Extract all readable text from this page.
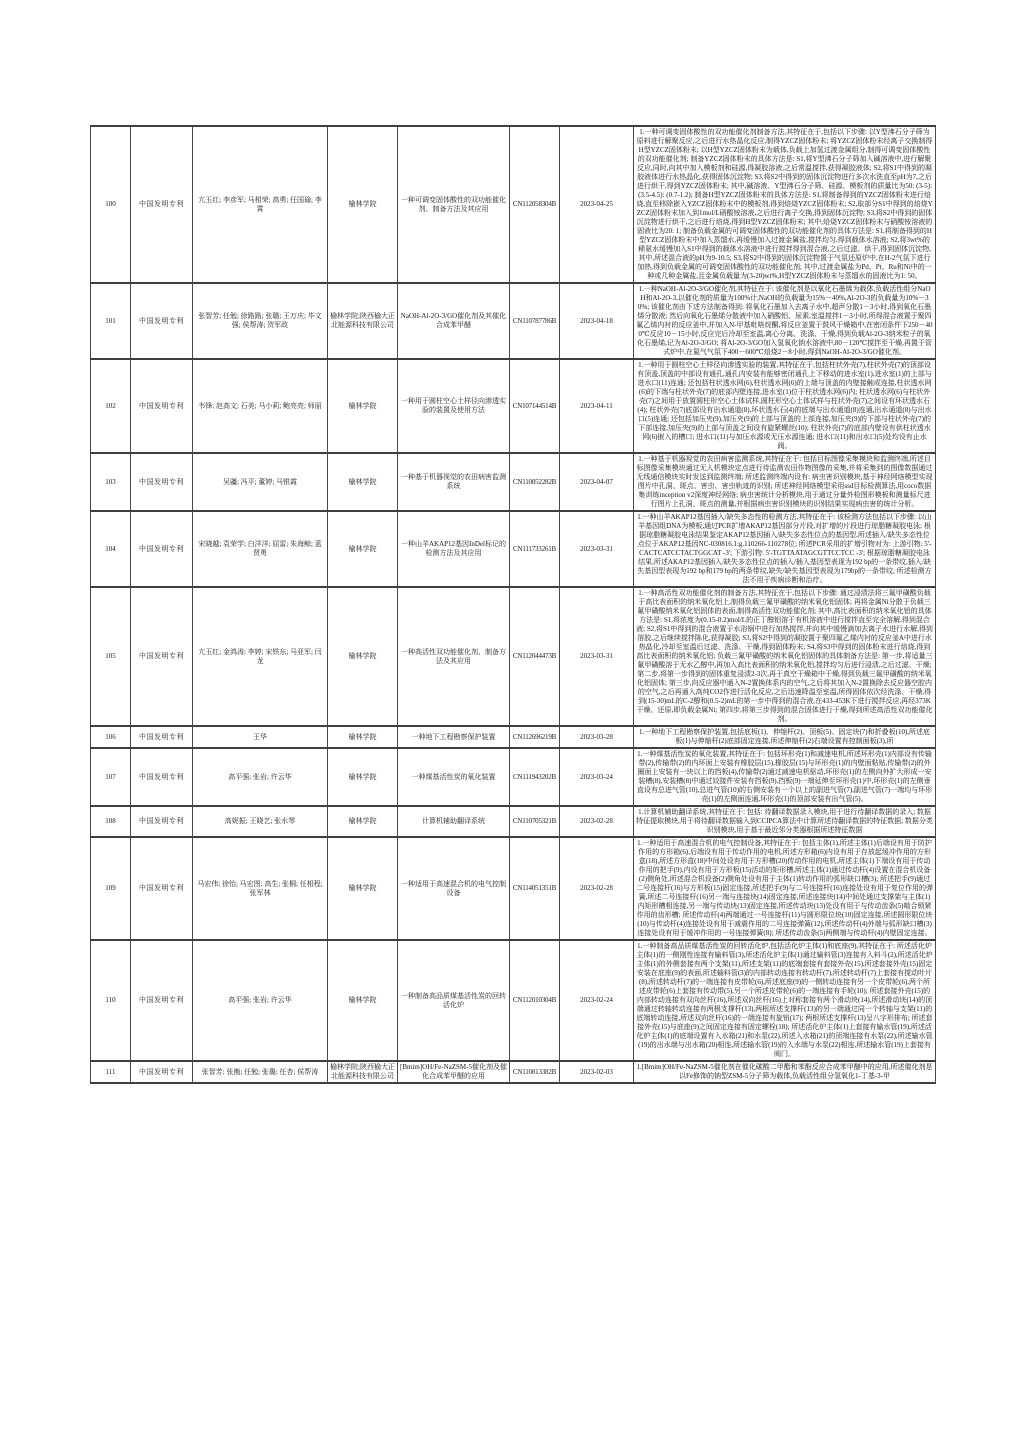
100	中国发明专利	亢玉红; 李彦军; 马相荣; 高勇; 任国瑜; 李霄	榆林学院	一种可调变固体酸性的双功能催化剂、制备方法及其应用	CN112058304B	2023-04-25	1.一种可调变固体酸性的双功能催化剂制备方法,其特征在于,包括以下步骤: 以Y型沸石分子筛为原料进行解聚反应,之后进行水热晶化反应,制得YZCZ固体粉末; 将YZCZ固体粉末经离子交换制得H型YZCZ固体粉末; 以H型YZCZ固体粉末为载体,负载上加氢过渡金属组分,制得可调变固体酸性的双功能催化剂; 制备YZCZ固体粉末的具体方法是: S1,将Y型沸石分子筛加入碱溶液中,进行解聚反应,同时,向其中加入模板剂和硅源,得凝胶溶液,之后常温搅拌,获得凝胶液体; S2,将S1中得到的凝胶液体进行水热晶化,获得固体沉淀物; S3,将S2中得到的固体沉淀物进行多次水洗直至pH为7,之后进行烘干,得到YZCZ固体粉末; 其中,碱溶液、Y型沸石分子筛、硅源、模板剂的质量比为50: (3-5): (3.5-4.5): (0.7-1.2); 制备H型YZCZ固体粉末的具体方法是: S1,将制备得到的YZCZ固体粉末进行焙烧,直至移除嵌入YZCZ固体粉末中的模板剂,得到焙烧YZCZ固体粉末; S2,取部分S1中得到的焙烧YZCZ固体粉末加入到1mol/L硝酸铵溶液,之后进行离子交换,得到固体沉淀物; S3,将S2中得到的固体沉淀物进行烘干,之后进行焙烧,得到H型YZCZ固体粉末; 其中,焙烧YZCZ固体粉末与硝酸铵溶液的固液比为20: 1; 制备负载金属的可调变固体酸性的双功能催化剂的具体方法是: S1,将制备得到的H型YZCZ固体粉末中加入蒸馏水,再缓慢加入过渡金属盐,搅拌均匀,得到载体水溶液; S2,将3wt%的稀氨水缓慢加入S1中得到的载体水溶液中进行搅拌得到混合液,之后过滤、烘干,得到固体沉淀物,其中,所述混合液的pH为9-10.5; S3,将S2中得到的固体沉淀物置于气氛还原炉中,在H-2气氛下进行加热,得到负载金属的可调变固体酸性的双功能催化剂; 其中,过渡金属盐为Pd、Pt、Ru和Ni中的一种或几种金属盐,且金属负载量为(3-20)wt%,H型YZCZ固体粉末与蒸馏水的固液比为1: 50。
101	中国发明专利	张智芳; 任勉; 徐路路; 张璐; 王万庆; 毕文强; 侯帮涛; 贺军政	榆林学院;陕西榆大正北能源科技有限公司	NaOH-Al-2O-3/GO催化剂及其催化合成苯甲醚	CN110787786B	2023-04-18	1.一种NaOH-Al-2O-3/GO催化剂,其特征在于: 该催化剂是以氧化石墨烯为载体,负载活性组分NaOH和Al-2O-3,以催化剂的质量为100%计,NaOH的负载量为15%－40%,Al-2O-3的负载量为10%－30%; 该催化剂由下述方法制备得到: 将氧化石墨加入去离子水中,超声分散1－3小时,得到氧化石墨烯分散液; 然后向氧化石墨烯分散液中加入硝酸铝、尿素,室温搅拌1－3小时,所得混合液置于聚四氟乙烯内衬的反应釜中,并加入N-甲基吡咯烷酮,将反应釜置于鼓风干燥箱中,在密闭条件下250－400℃反应10－15小时,反应完后冷却至室温,离心分离、洗涤、干燥,得到负载Al-2O-3纳米粒子的氧化石墨烯,记为Al-2O-3/GO; 将Al-2O-3/GO加入氢氧化钠水溶液中,80－120℃搅拌至干燥,再置于管式炉中,在氮气气氛下400－600℃焙烧2－8小时,得到NaOH-Al-2O-3/GO催化剂。
102	中国发明专利	韦锋; 赵高文; 石美; 马小莉; 鲍亮亮; 师丽	榆林学院	一种用于圆柱空心土样径向渗透实验的装置及使用方法	CN107144514B	2023-04-11	1.一种用于圆柱空心土样径向渗透实验的装置,其特征在于,包括柱状外壳(7),柱状外壳(7)的顶部设有顶盖,顶盖的中部设有通孔,通孔内安装有能够密闭通孔上下移动的进水室(1),进水室(1)的上部与进水口(11)连通; 还包括柱状透水网(6),柱状透水网(6)的上端与顶盖的内壁接触或连接,柱状透水网(6)的下端与柱状外壳(7)的底部内壁连接,进水室(1)位于柱状透水网(6)内; 柱状透水网(6)与柱状外壳(7)之间用于放置圆柱形空心土体试样,圆柱形空心土体试样与柱状外壳(7)之间设有环状透水石(4); 柱状外壳(7)底部设有出水通道(8),环状透水石(4)的底端与出水通道(8)连通,出水通道(8)与出水口(5)连通; 还包括加压夹(9),加压夹(9)的上部与顶盖的上部连接,加压夹(9)的下部与柱状外壳(7)的下部连接,加压夹(9)的上部与顶盖之间设有旋紧螺丝(10); 柱状外壳(7)的底部内壁设有供柱状透水网(6)嵌入的槽口; 进水口(11)与加压水源或无压水源连通; 进水口(11)和出水口(5)处均设有止水阀。
103	中国发明专利	吴疆; 冯平; 董婷; 马银霞	榆林学院	一种基于机器视觉的农田病害监测系统	CN110852282B	2023-04-07	1.一种基于机器视觉的农田病害监测系统,其特征在于: 包括目标图像采集模块和监测终端,所述目标图像采集模块通过无人机模块定点进行待监测农田作物图像的采集,并将采集到的图像数据通过无线通信模块实时发送到监测终端; 所述监测终端内设有: 病虫害识别模块,基于神经网络模型实现图片中孔洞、斑点、害虫、害虫轨迹的识别; 所述神经网络模型采用ssd目标检测算法,用coco数据集训练inception v2深度神经网络; 病虫害统计分析模块,用于通过分量外检图形模板和测量标尺进行图片上孔洞、斑点的测量,并根据病虫害识别模块的识别结果实现病虫害的统计分析。
104	中国发明专利	宋晓越; 袁荣学; 白洋洋; 屈雷; 朱海鲸; 蓝贤勇	榆林学院	一种山羊AKAP12基因InDel标记的检测方法及其应用	CN111733261B	2023-03-31	1.一种山羊AKAP12基因插入/缺失多态性的检测方法,其特征在于: 该检测方法包括以下步骤: 以山羊基因组DNA为模板,通过PCR扩增AKAP12基因部分片段,对扩增的片段进行琼脂糖凝胶电泳; 根据琼脂糖凝胶电泳结果鉴定AKAP12基因插入/缺失多态性位点的基因型,所述插入/缺失多态性位点位于AKAP12基因NC-030816.1:g.110266-110278位; 所述PCR采用的扩增引物对为: 上游引物: 5'-CACTCATCCTACTGGCAT -3'; 下游引物: 5'-TGTTAATAGCGTTCCTCC -3'; 根据琼脂糖凝胶电泳结果,所述AKAP12基因插入/缺失多态性位点的插入/插入基因型表现为192 bp的一条带纹,插入/缺失基因型表现为192 bp和179 bp的两条带纹,缺失/缺失基因型表现为179bp的一条带纹; 所述检测方法不用于疾病诊断和治疗。
105	中国发明专利	亢玉红; 金鸿涛; 李婷; 宋铁东; 马亚军; 闫龙	榆林学院	一种高活性双功能催化剂、制备方法及其应用	CN112044473B	2023-03-31	1.一种高活性双功能催化剂的制备方法,其特征在于,包括以下步骤: 通过浸渍法将三氟甲磺酸负载于高比表面积的纳米氧化铝上,制得负载三氟甲磺酸的纳米氧化铝固体; 再将金属Ni分散于负载三氟甲磺酸纳米氧化铝固体的表面,制得高活性双功能催化剂; 其中,高比表面积的纳米氧化铝的具体方法是: S1,将浓度为(0.15-0.2)mol/L的正丁醇铝溶于有机溶液中进行搅拌直至完全溶解,得到混合液; S2,将S1中得到的混合液置于水浴锅中进行加热搅拌,并向其中缓慢滴加去离子水进行水解,得到溶胶,之后继续搅拌陈化,获得凝胶; S3,将S2中得到的凝胶置于聚四氟乙烯内衬的反应釜A中进行水热晶化,冷却至室温后过滤、洗涤、干燥,得到固体粉末; S4,将S3中得到的固体粉末进行焙烧,得到高比表面积的纳米氧化铝; 负载三氟甲磺酸的纳米氧化铝固体的具体制备方法是: 第一步,将适量三氟甲磺酸溶于无水乙醇中,再加入高比表面积的纳米氧化铝,搅拌均匀后进行浸渍,之后过滤、干燥; 第二步,将第一步得到的固体重复浸渍2-3次,再于真空干燥箱中干燥,得到负载三氟甲磺酸的纳米氧化铝固体; 第三步,向反应器中通入N-2置换体系内的空气,之后将其加入N-2置换除去反应器空腔内的空气,之后再通入高纯CO2作进行活化反应,之后迅速降温至室温,所得固体依次经洗涤、干燥,得到(15-30)mL的C-2醇和(0.5-2)mL的第一步中得到的混合液,在433-453K下进行搅拌反应,再经373K干燥、还原,即负载金属Ni; 第四步,将第三步得到的混合固体进行干燥,得到所述高活性双功能催化剂。
106	中国发明专利	王华	榆林学院	一种地下工程勘察保护装置	CN112696219B	2023-03-28	1.一种地下工程勘察保护装置,包括底板(1)、伸缩杆(2)、顶板(5)、固定块(7)和折叠板(10),所述底板(1)与伸缩杆(2)底部固定连接,所述伸缩杆(2)右端设置有控制面板(3),所
107	中国发明专利	高平强; 张岩; 许云华	榆林学院	一种煤基活性炭的氧化装置	CN111943202B	2023-03-24	1.一种煤基活性炭的氧化装置,其特征在于: 包括环形壳(1)和减速电机,所述环形壳(1)内部设有传输带(2),传输带(2)的内环面上安装有橡胶层(15),橡胶层(15)与环形壳(1)的内壁面粘贴,传输带(2)的外圈面上安装有一块以上的挡板(4),传输带(2)通过减速电机驱动,环形壳(1)的左侧向外扩大形成一安装槽(8),安装槽(8)中通过铰接件安装有挡板(9),挡板(9)一端延伸至环形壳(1)中,环形壳(1)的左侧垂直设有总进气管(10),总进气管(10)的右侧安装有一个以上的副进气管(7),副进气管(7)一端均与环形壳(1)的左侧面连通,环形壳(1)的顶部安装有出气管(5)。
108	中国发明专利	高妮振; 王晓艺; 张水琴	榆林学院	计算机辅助翻译系统	CN110705321B	2023-02-28	1.计算机辅助翻译系统,其特征在于: 包括: 待翻译数据录入模块,用于进行待翻译数据的录入; 数据特征提取模块,用于将待翻译数据输入到CCIPCA算法中计算所述待翻译数据的特征数据; 数据分类识别模块,用于基于最近邻分类器根据所述特征数据
109	中国发明专利	马宏伟; 徐怡; 马宏图; 高生; 张桐; 任相程; 张军林	榆林学院	一种适用于高速混合机的电气控制设备	CN114051351B	2023-02-28	1.一种适用于高速混合机的电气控制设备,其特征在于: 包括主体(1),所述主体(1)后端设有用于防护作用的方形箱(6),后端设有用于传动作用的电机,所述方形箱(6)内设有用于存放起缓冲作用的方形盒(18),所述方形盒(18)中间处设有用于方形槽(20)传动作用的电机,所述主体(1)下端设有用于传动作用的把手(9),内设有用于方形板(15)活动的矩形槽,所述主体(1)通过传动杆(4)设置在混合机设备(2)侧角处,所述混合机设备(2)侧角处设有用于主体(1)转动作用的弧形缺口槽(3); 所述把手(9)通过二号连接杆(16)与方形板(15)固定连接,所述把手(9)与二号连接杆(16)连接处设有用于复位作用的弹簧,所述二号连接杆(16)另一端与连接块(14)固定连接,所述连接块(14)中间处通过支撑架与主体(1)内矩形槽相连接,另一端与传动块(13)固定连接,所述传动块(13)处设有用于与传动齿条(5)啮合锁紧作用的齿形槽; 所述传动杆(4)两端通过一号连接杆(11)与圆形限位块(10)固定连接,所述圆形限位块(10)与传动杆(4)连接处设有用于减震作用的二号连接弹簧(12),所述传动杆(4)外端与弧形缺口槽(3)连接处设有用于缓冲作用的一号连接弹簧(8); 所述传动齿条(5)两侧端与传动杆(4)内壁固定连接。
110	中国发明专利	高平强; 张岩; 许云华	榆林学院	一种制备高品质煤基活性炭的回转活化炉	CN112010304B	2023-02-24	1.一种制备高品质煤基活性炭的回转活化炉,包括活化炉主体(1)和底座(9),其特征在于: 所述活化炉主体(1)的一侧刚性连接有输料管(3),所述活化炉主体(1)通过输料管(3)连接有入料斗(2),所述活化炉主体(1)的外侧套接有两个支架(11),所述支架(11)的底端套接有套接外壳(15),所述套接外壳(15)固定安装在底座(9)的表面,所述输料管(3)的内部转动连接有转动杆(7),所述转动杆(7)上套接有搅动叶片(8),所述转动杆(7)的一端连接有皮带轮(6),所述底座(9)的一侧转动连接有另一个皮带轮(6),两个所述皮带轮(6)上套接有传动带(5),另一个所述皮带轮(6)的一端连接有手轮(10); 所述套接外壳(15)的内部转动连接有双向丝杆(16),所述双向丝杆(16)上对称套接有两个滑动块(14),所述滑动块(14)的顶端通过转轴转动连接有两根支撑杆(13),两根所述支撑杆(13)的另一端通过同一个转轴与支架(11)的底端转动连接,所述双向丝杆(16)的一端连接有旋钮(17); 两根所述支撑杆(13)呈八字形排布; 所述套接外壳(15)与底座(9)之间固定连接有固定螺栓(18); 所述活化炉主体(1)上套接有输水管(19),所述活化炉主体(1)的底端设置有入水箱(21)和水泵(22),所述入水箱(21)的顶端连接有水泵(22),所述输水管(19)的出水端与出水箱(20)相连,所述输水管(19)的入水端与水泵(22)相连,所述输水管(19)上套接有阀门。
111	中国发明专利	张智芳; 张衡; 任勉; 张璐; 任杏; 侯帮涛	榆林学院;陕西榆大正北能源科技有限公司	[Bmim]OH/Fe-NaZSM-5催化剂及催化合成苯甲醚的应用	CN110813382B	2023-02-03	1.[Bmim]OH/Fe-NaZSM-5催化剂在催化碳酸二甲酯和苯酚反应合成苯甲醚中的应用,所述催化剂是以Fe修饰的钠型ZSM-5分子筛为载体,负载活性组分氢氧化1-丁基-3-甲
